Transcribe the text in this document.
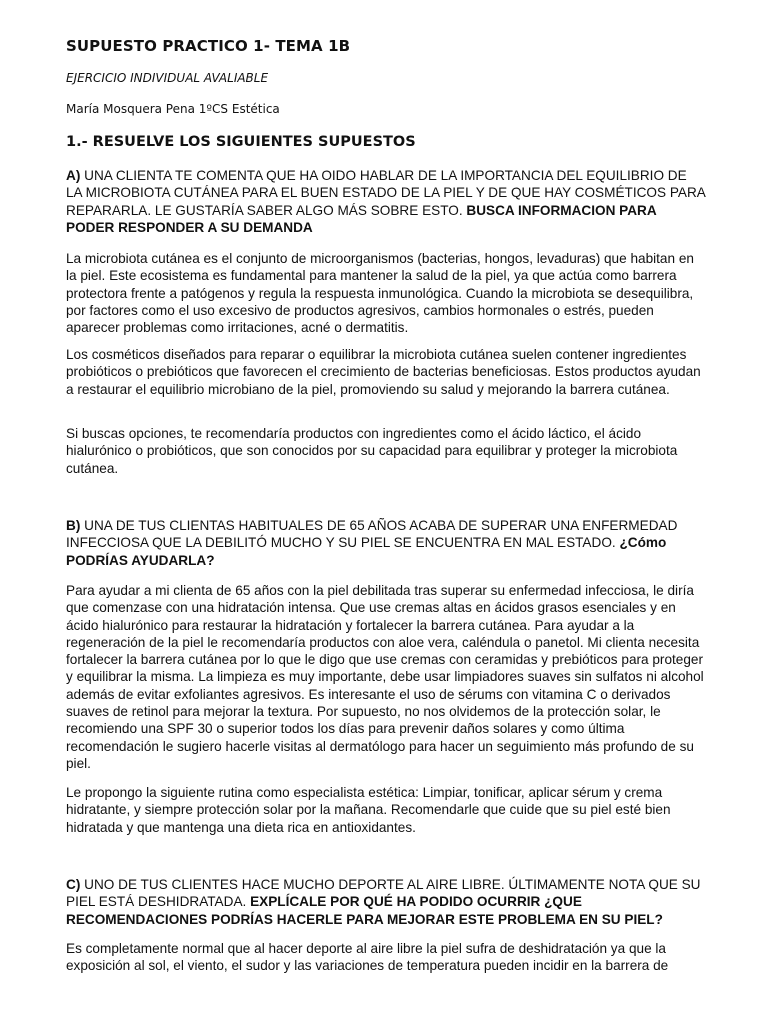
SUPUESTO PRACTICO 1- TEMA 1B
EJERCICIO INDIVIDUAL AVALIABLE
María Mosquera Pena 1ºCS Estética
1.- RESUELVE LOS SIGUIENTES SUPUESTOS
A) UNA CLIENTA TE COMENTA QUE HA OIDO HABLAR DE LA IMPORTANCIA DEL EQUILIBRIO DE LA MICROBIOTA CUTÁNEA PARA EL BUEN ESTADO DE LA PIEL Y DE QUE HAY COSMÉTICOS PARA REPARARLA. LE GUSTARÍA SABER ALGO MÁS SOBRE ESTO. BUSCA INFORMACION PARA PODER RESPONDER A SU DEMANDA
La microbiota cutánea es el conjunto de microorganismos (bacterias, hongos, levaduras) que habitan en la piel. Este ecosistema es fundamental para mantener la salud de la piel, ya que actúa como barrera protectora frente a patógenos y regula la respuesta inmunológica. Cuando la microbiota se desequilibra, por factores como el uso excesivo de productos agresivos, cambios hormonales o estrés, pueden aparecer problemas como irritaciones, acné o dermatitis.
Los cosméticos diseñados para reparar o equilibrar la microbiota cutánea suelen contener ingredientes probióticos o prebióticos que favorecen el crecimiento de bacterias beneficiosas. Estos productos ayudan a restaurar el equilibrio microbiano de la piel, promoviendo su salud y mejorando la barrera cutánea.
Si buscas opciones, te recomendaría productos con ingredientes como el ácido láctico, el ácido hialurónico o probióticos, que son conocidos por su capacidad para equilibrar y proteger la microbiota cutánea.
B) UNA DE TUS CLIENTAS HABITUALES DE 65 AÑOS ACABA DE SUPERAR UNA ENFERMEDAD INFECCIOSA QUE LA DEBILITÓ MUCHO Y SU PIEL SE ENCUENTRA EN MAL ESTADO. ¿Cómo PODRÍAS AYUDARLA?
Para ayudar a mi clienta de 65 años con la piel debilitada tras superar su enfermedad infecciosa, le diría que comenzase con una hidratación intensa. Que use cremas altas en ácidos grasos esenciales y en ácido hialurónico para restaurar la hidratación y fortalecer la barrera cutánea. Para ayudar a la regeneración de la piel le recomendaría productos con aloe vera, caléndula o panetol. Mi clienta necesita fortalecer la barrera cutánea por lo que le digo que use cremas con ceramidas y prebióticos para proteger y equilibrar la misma. La limpieza es muy importante, debe usar limpiadores suaves sin sulfatos ni alcohol además de evitar exfoliantes agresivos. Es interesante el uso de sérums con vitamina C o derivados suaves de retinol para mejorar la textura. Por supuesto, no nos olvidemos de la protección solar, le recomiendo una SPF 30 o superior todos los días para prevenir daños solares y como última recomendación le sugiero hacerle visitas al dermatólogo para hacer un seguimiento más profundo de su piel.
Le propongo la siguiente rutina como especialista estética: Limpiar, tonificar, aplicar sérum y crema hidratante, y siempre protección solar por la mañana. Recomendarle que cuide que su piel esté bien hidratada y que mantenga una dieta rica en antioxidantes.
C) UNO DE TUS CLIENTES HACE MUCHO DEPORTE AL AIRE LIBRE. ÚLTIMAMENTE NOTA QUE SU PIEL ESTÁ DESHIDRATADA. EXPLÍCALE POR QUÉ HA PODIDO OCURRIR ¿QUE RECOMENDACIONES PODRÍAS HACERLE PARA MEJORAR ESTE PROBLEMA EN SU PIEL?
Es completamente normal que al hacer deporte al aire libre la piel sufra de deshidratación ya que la exposición al sol, el viento, el sudor y las variaciones de temperatura pueden incidir en la barrera de
